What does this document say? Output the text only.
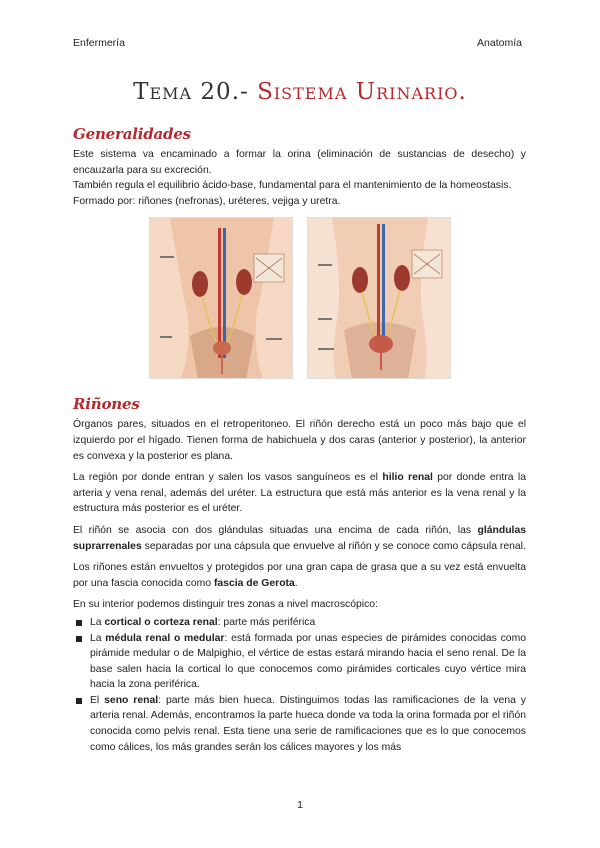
Enfermería	Anatomía
Tema 20.- Sistema Urinario.
Generalidades

Este sistema va encaminado a formar la orina (eliminación de sustancias de desecho) y encauzarla para su excreción.

También regula el equilibrio ácido-base, fundamental para el mantenimiento de la homeostasis.

Formado por: riñones (nefronas), uréteres, vejiga y uretra.

Riñones

Órganos pares, situados en el retroperitoneo. El riñón derecho está un poco más bajo que el izquierdo por el hígado. Tienen forma de habichuela y dos caras (anterior y posterior), la anterior es convexa y la posterior es plana.

La región por donde entran y salen los vasos sanguíneos es el hilio renal por donde entra la arteria y vena renal, además del uréter. La estructura que está más anterior es la vena renal y la estructura más posterior es el uréter.

El riñón se asocia con dos glándulas situadas una encima de cada riñón, las glándulas suprarrenales separadas por una cápsula que envuelve al riñón y se conoce como cápsula renal.

Los riñones están envueltos y protegidos por una gran capa de grasa que a su vez está envuelta por una fascia conocida como fascia de Gerota.

En su interior podemos distinguir tres zonas a nivel macroscópico:

La cortical o corteza renal: parte más periférica
La médula renal o medular: está formada por unas especies de pirámides conocidas como pirámide medular o de Malpighio, el vértice de estas estará mirando hacia el seno renal. De la base salen hacia la cortical lo que conocemos como pirámides corticales cuyo vértice mira hacia la zona periférica.
El seno renal: parte más bien hueca. Distinguimos todas las ramificaciones de la vena y arteria renal. Además, encontramos la parte hueca donde va toda la orina formada por el riñón conocida como pelvis renal. Esta tiene una serie de ramificaciones que es lo que conocemos como cálices, los más grandes serán los cálices mayores y los más
1
